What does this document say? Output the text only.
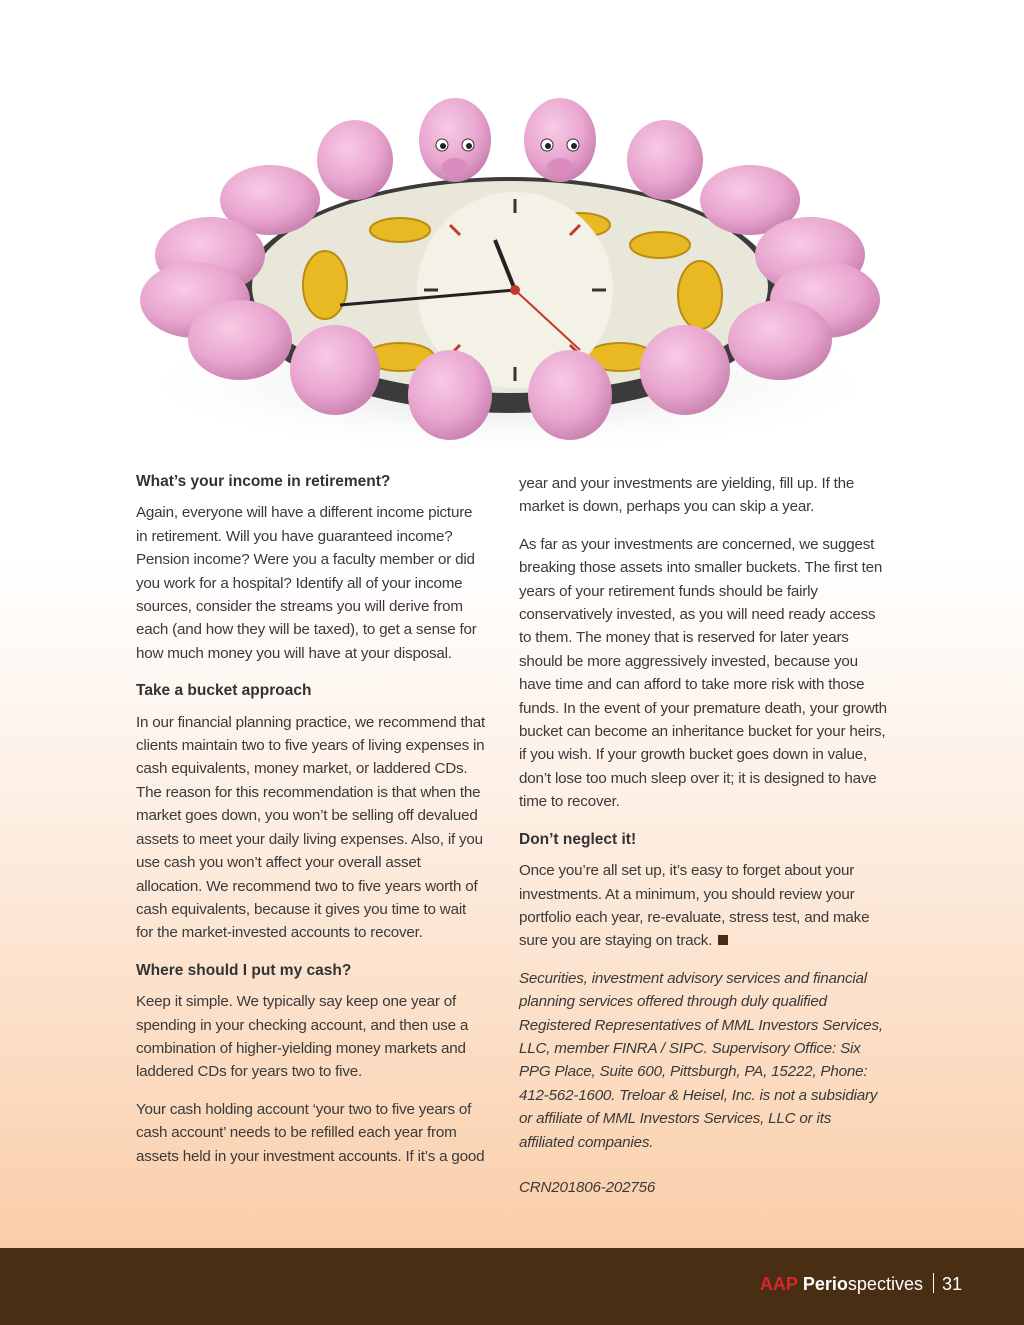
What’s your income in retirement?

Again, everyone will have a different income picture in retirement. Will you have guaranteed income? Pension income? Were you a faculty member or did you work for a hospital? Identify all of your income sources, consider the streams you will derive from each (and how they will be taxed), to get a sense for how much money you will have at your disposal.

Take a bucket approach

In our financial planning practice, we recommend that clients maintain two to five years of living expenses in cash equivalents, money market, or laddered CDs. The reason for this recommendation is that when the market goes down, you won’t be selling off devalued assets to meet your daily living expenses. Also, if you use cash you won’t affect your overall asset allocation. We recommend two to five years worth of cash equivalents, because it gives you time to wait for the market-invested accounts to recover.

Where should I put my cash?

Keep it simple. We typically say keep one year of spending in your checking account, and then use a combination of higher-yielding money markets and laddered CDs for years two to five.

Your cash holding account ‘your two to five years of cash account’ needs to be refilled each year from assets held in your investment accounts. If it’s a good

year and your investments are yielding, fill up. If the market is down, perhaps you can skip a year.

As far as your investments are concerned, we suggest breaking those assets into smaller buckets. The first ten years of your retirement funds should be fairly conservatively invested, as you will need ready access to them. The money that is reserved for later years should be more aggressively invested, because you have time and can afford to take more risk with those funds. In the event of your premature death, your growth bucket can become an inheritance bucket for your heirs, if you wish. If your growth bucket goes down in value, don’t lose too much sleep over it; it is designed to have time to recover.

Don’t neglect it!

Once you’re all set up, it’s easy to forget about your investments. At a minimum, you should review your portfolio each year, re-evaluate, stress test, and make sure you are staying on track.

Securities, investment advisory services and financial planning services offered through duly qualified Registered Representatives of MML Investors Services, LLC, member FINRA / SIPC. Supervisory Office: Six PPG Place, Suite 600, Pittsburgh, PA, 15222, Phone: 412-562-1600. Treloar & Heisel, Inc. is not a subsidiary or affiliate of MML Investors Services, LLC or its affiliated companies.

CRN201806-202756

AAP Periospectives 31
